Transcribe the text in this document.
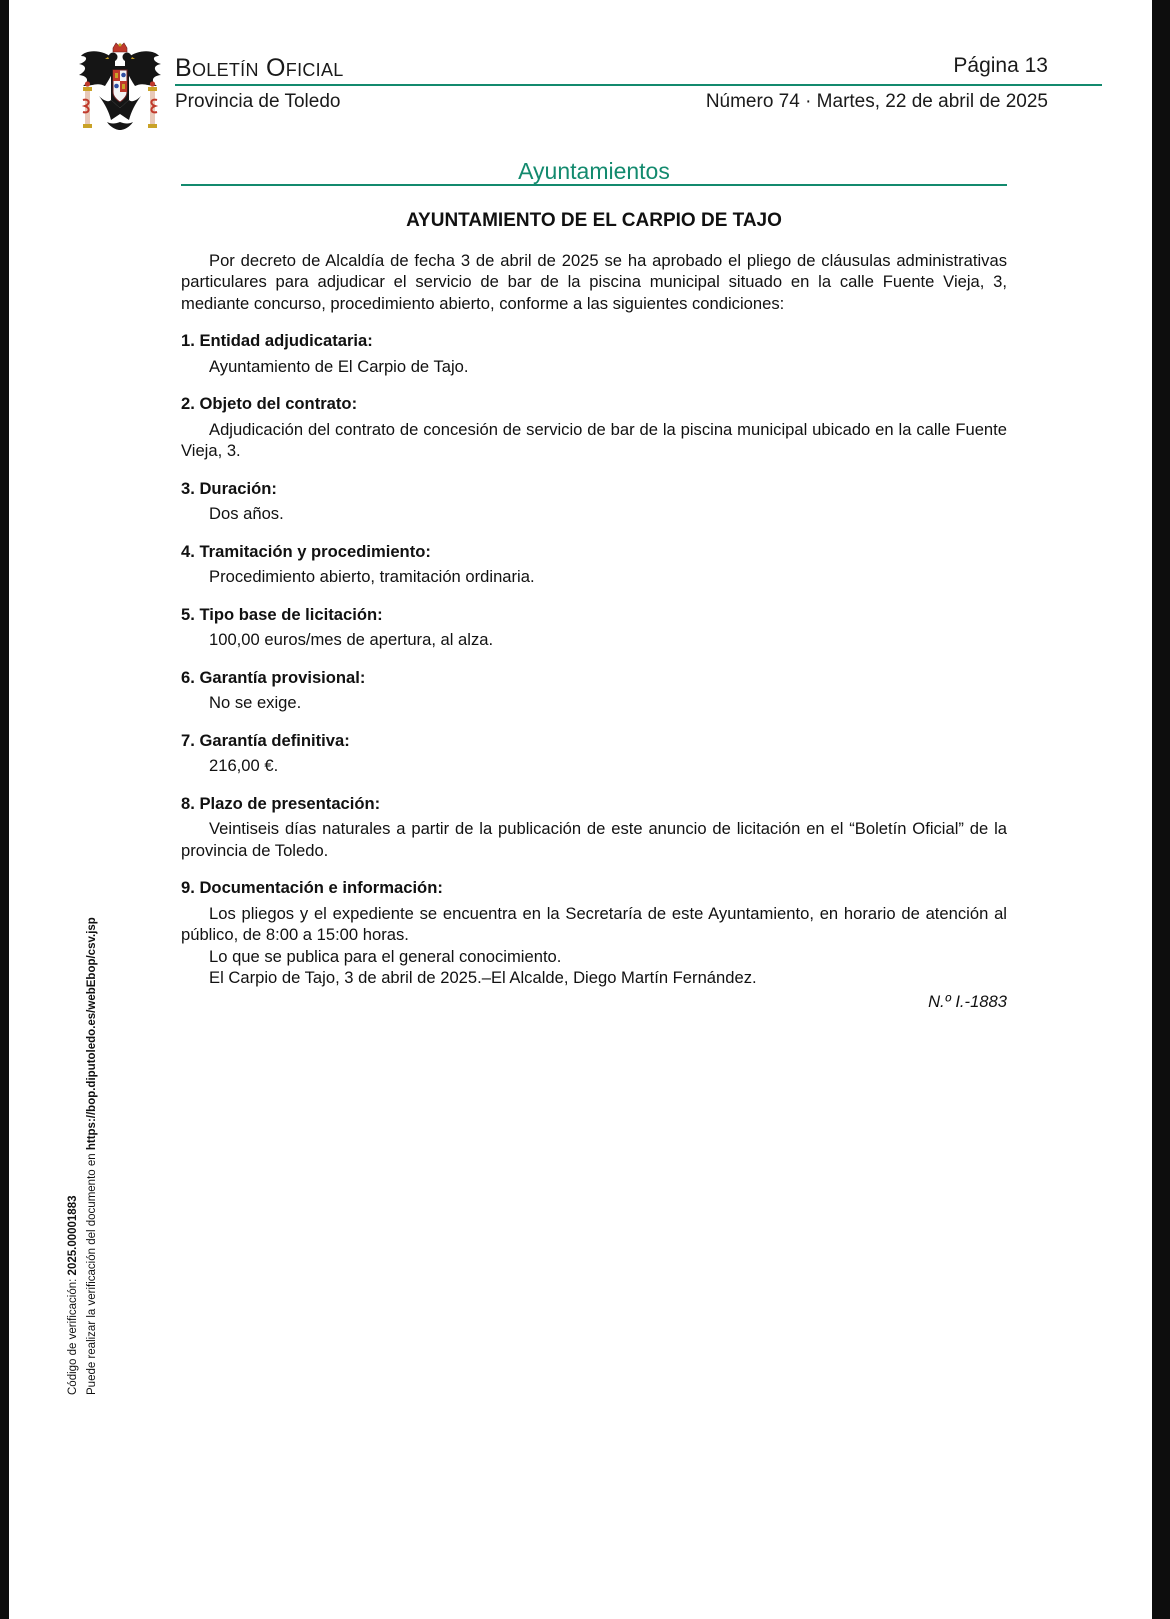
Boletín Oficial	Página 13
Provincia de Toledo	Número 74 · Martes, 22 de abril de 2025
Ayuntamientos
AYUNTAMIENTO DE EL CARPIO DE TAJO

Por decreto de Alcaldía de fecha 3 de abril de 2025 se ha aprobado el pliego de cláusulas administrativas particulares para adjudicar el servicio de bar de la piscina municipal situado en la calle Fuente Vieja, 3, mediante concurso, procedimiento abierto, conforme a las siguientes condiciones:

1. Entidad adjudicataria:

Ayuntamiento de El Carpio de Tajo.

2. Objeto del contrato:

Adjudicación del contrato de concesión de servicio de bar de la piscina municipal ubicado en la calle Fuente Vieja, 3.

3. Duración:

Dos años.

4. Tramitación y procedimiento:

Procedimiento abierto, tramitación ordinaria.

5. Tipo base de licitación:

100,00 euros/mes de apertura, al alza.

6. Garantía provisional:

No se exige.

7. Garantía definitiva:

216,00 €.

8. Plazo de presentación:

Veintiseis días naturales a partir de la publicación de este anuncio de licitación en el “Boletín Oficial” de la provincia de Toledo.

9. Documentación e información:

Los pliegos y el expediente se encuentra en la Secretaría de este Ayuntamiento, en horario de atención al público, de 8:00 a 15:00 horas.

Lo que se publica para el general conocimiento.

El Carpio de Tajo, 3 de abril de 2025.–El Alcalde, Diego Martín Fernández.

N.º I.-1883
Código de verificación: 2025.00001883 Puede realizar la verificación del documento en https://bop.diputoledo.es/webEbop/csv.jsp
